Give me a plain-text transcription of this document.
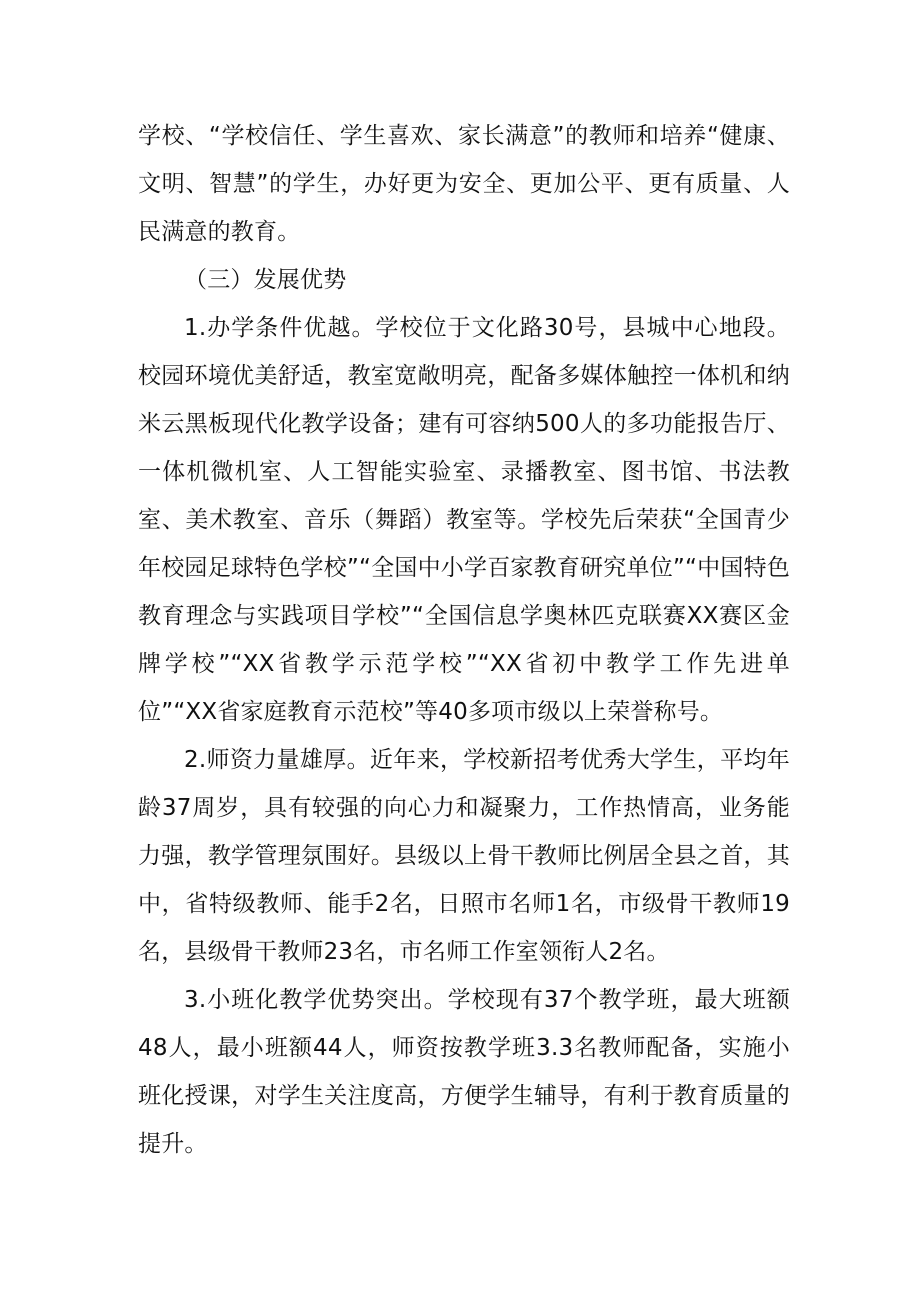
学校、“学校信任、学生喜欢、家长满意”的教师和培养“健康、文明、智慧”的学生，办好更为安全、更加公平、更有质量、人民满意的教育。

（三）发展优势

1.办学条件优越。学校位于文化路30号，县城中心地段。校园环境优美舒适，教室宽敞明亮，配备多媒体触控一体机和纳米云黑板现代化教学设备；建有可容纳500人的多功能报告厅、一体机微机室、人工智能实验室、录播教室、图书馆、书法教室、美术教室、音乐（舞蹈）教室等。学校先后荣获“全国青少年校园足球特色学校”“全国中小学百家教育研究单位”“中国特色教育理念与实践项目学校”“全国信息学奥林匹克联赛XX赛区金牌学校”“XX省教学示范学校”“XX省初中教学工作先进单位”“XX省家庭教育示范校”等40多项市级以上荣誉称号。

2.师资力量雄厚。近年来，学校新招考优秀大学生，平均年龄37周岁，具有较强的向心力和凝聚力，工作热情高，业务能力强，教学管理氛围好。县级以上骨干教师比例居全县之首，其中，省特级教师、能手2名，日照市名师1名，市级骨干教师19名，县级骨干教师23名，市名师工作室领衔人2名。

3.小班化教学优势突出。学校现有37个教学班，最大班额48人，最小班额44人，师资按教学班3.3名教师配备，实施小班化授课，对学生关注度高，方便学生辅导，有利于教育质量的提升。
